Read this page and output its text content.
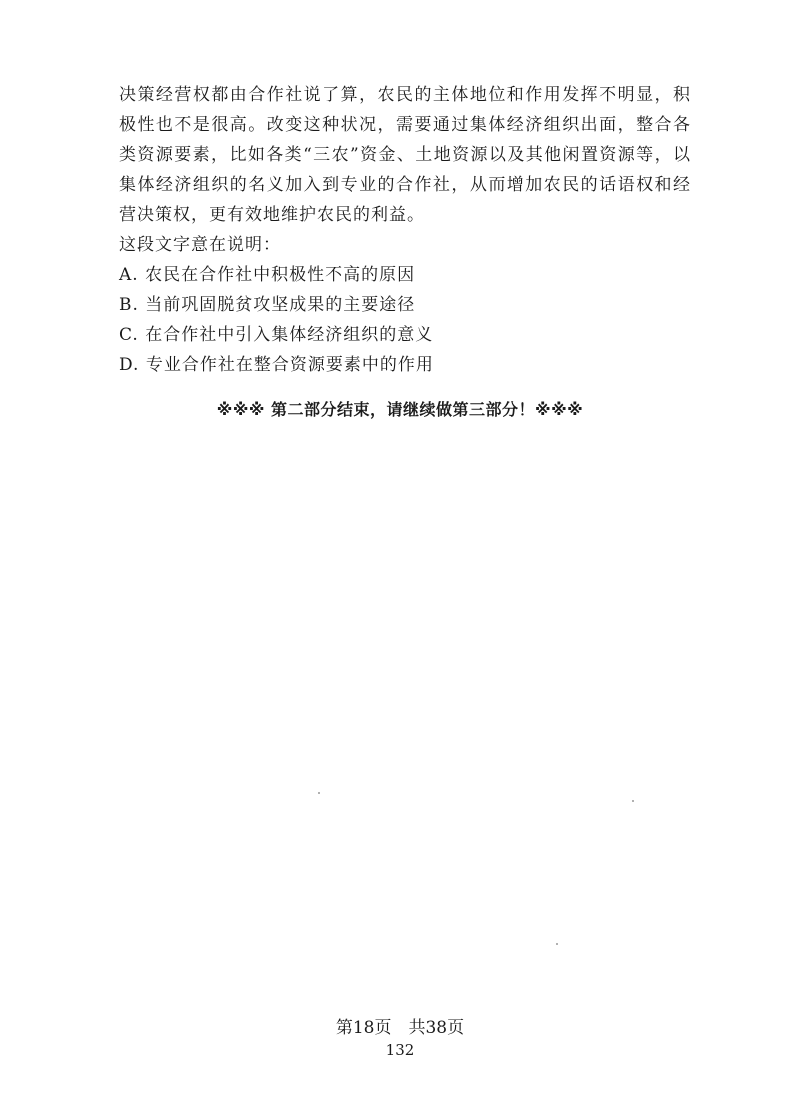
决策经营权都由合作社说了算，农民的主体地位和作用发挥不明显，积极性也不是很高。改变这种状况，需要通过集体经济组织出面，整合各类资源要素，比如各类“三农”资金、土地资源以及其他闲置资源等，以集体经济组织的名义加入到专业的合作社，从而增加农民的话语权和经营决策权，更有效地维护农民的利益。

这段文字意在说明：

A. 农民在合作社中积极性不高的原因
B. 当前巩固脱贫攻坚成果的主要途径
C. 在合作社中引入集体经济组织的意义
D. 专业合作社在整合资源要素中的作用

※※※ 第二部分结束，请继续做第三部分！※※※

第18页　共38页

132
